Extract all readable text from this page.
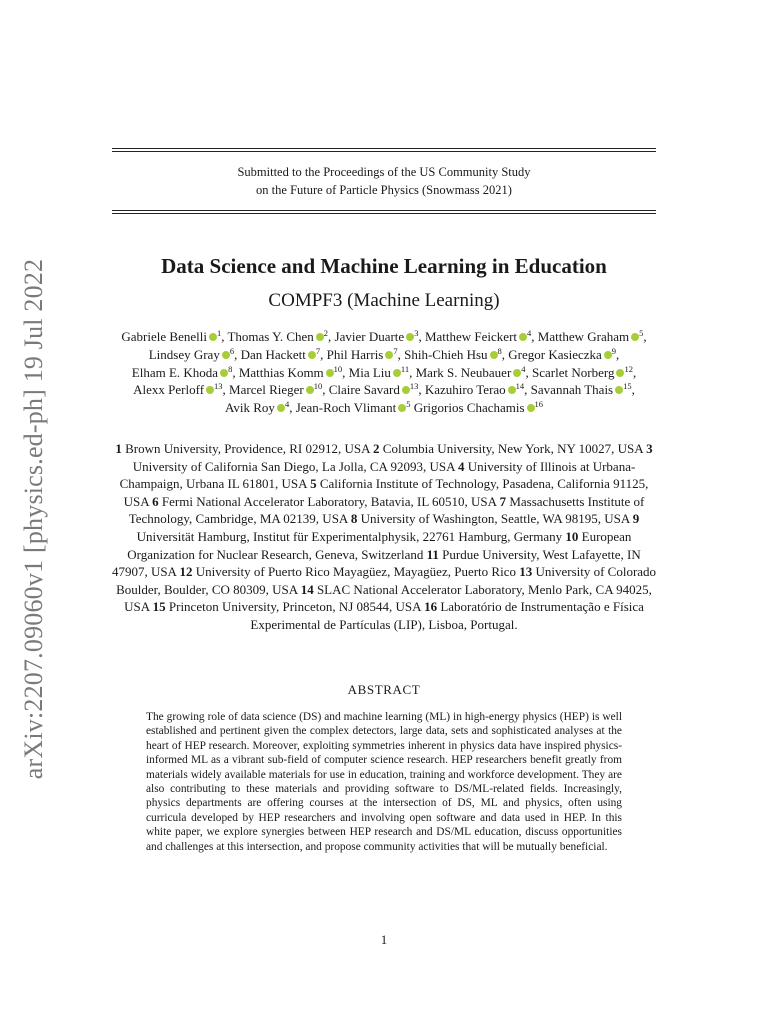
arXiv:2207.09060v1 [physics.ed-ph] 19 Jul 2022
Submitted to the Proceedings of the US Community Study
on the Future of Particle Physics (Snowmass 2021)
Data Science and Machine Learning in Education
COMPF3 (Machine Learning)
Gabriele Benelli $^1$, Thomas Y. Chen $^2$, Javier Duarte $^3$, Matthew Feickert $^4$, Matthew Graham $^5$, Lindsey Gray $^6$, Dan Hackett $^7$, Phil Harris $^7$, Shih-Chieh Hsu $^8$, Gregor Kasieczka $^9$, Elham E. Khoda $^8$, Matthias Komm $^{10}$, Mia Liu $^{11}$, Mark S. Neubauer $^4$, Scarlet Norberg $^{12}$, Alexx Perloff $^{13}$, Marcel Rieger $^{10}$, Claire Savard $^{13}$, Kazuhiro Terao $^{14}$, Savannah Thais $^{15}$, Avik Roy $^4$, Jean-Roch Vlimant $^5$ Grigorios Chachamis $^{16}$
1 Brown University, Providence, RI 02912, USA 2 Columbia University, New York, NY 10027, USA 3 University of California San Diego, La Jolla, CA 92093, USA 4 University of Illinois at Urbana-Champaign, Urbana IL 61801, USA 5 California Institute of Technology, Pasadena, California 91125, USA 6 Fermi National Accelerator Laboratory, Batavia, IL 60510, USA 7 Massachusetts Institute of Technology, Cambridge, MA 02139, USA 8 University of Washington, Seattle, WA 98195, USA 9 Universität Hamburg, Institut für Experimentalphysik, 22761 Hamburg, Germany 10 European Organization for Nuclear Research, Geneva, Switzerland 11 Purdue University, West Lafayette, IN 47907, USA 12 University of Puerto Rico Mayagüez, Mayagüez, Puerto Rico 13 University of Colorado Boulder, Boulder, CO 80309, USA 14 SLAC National Accelerator Laboratory, Menlo Park, CA 94025, USA 15 Princeton University, Princeton, NJ 08544, USA 16 Laboratório de Instrumentação e Física Experimental de Partículas (LIP), Lisboa, Portugal.
ABSTRACT
The growing role of data science (DS) and machine learning (ML) in high-energy physics (HEP) is well established and pertinent given the complex detectors, large data, sets and sophisticated analyses at the heart of HEP research. Moreover, exploiting symmetries inherent in physics data have inspired physics-informed ML as a vibrant sub-field of computer science research. HEP researchers benefit greatly from materials widely available materials for use in education, training and workforce development. They are also contributing to these materials and providing software to DS/ML-related fields. Increasingly, physics departments are offering courses at the intersection of DS, ML and physics, often using curricula developed by HEP researchers and involving open software and data used in HEP. In this white paper, we explore synergies between HEP research and DS/ML education, discuss opportunities and challenges at this intersection, and propose community activities that will be mutually beneficial.
1
